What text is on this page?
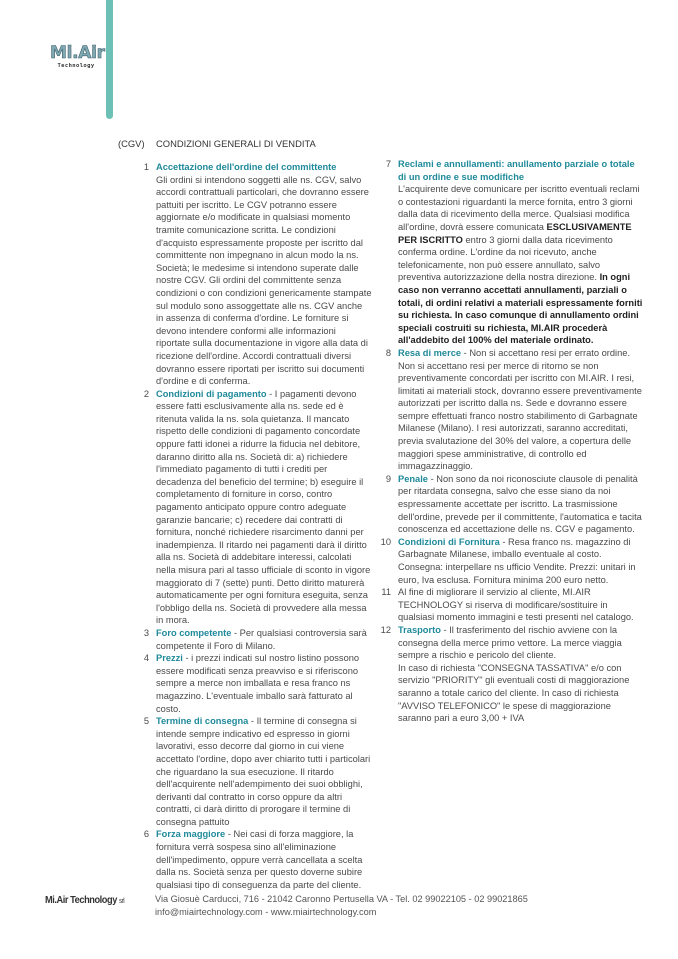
Mi.Air
Technology
(CGV) CONDIZIONI GENERALI DI VENDITA
1 Accettazione dell'ordine del committente
Gli ordini si intendono soggetti alle ns. CGV, salvo accordi contrattuali particolari, che dovranno essere pattuiti per iscritto. Le CGV potranno essere aggiornate e/o modificate in qualsiasi momento tramite comunicazione scritta. Le condizioni d'acquisto espressamente proposte per iscritto dal committente non impegnano in alcun modo la ns. Società; le medesime si intendono superate dalle nostre CGV. Gli ordini del committente senza condizioni o con condizioni genericamente stampate sul modulo sono assoggettate alle ns. CGV anche in assenza di conferma d'ordine. Le forniture si devono intendere conformi alle informazioni riportate sulla documentazione in vigore alla data di ricezione dell'ordine. Accordi contrattuali diversi dovranno essere riportati per iscritto sui documenti d'ordine e di conferma.
2 Condizioni di pagamento - I pagamenti devono essere fatti esclusivamente alla ns. sede ed è ritenuta valida la ns. sola quietanza. Il mancato rispetto delle condizioni di pagamento concordate oppure fatti idonei a ridurre la fiducia nel debitore, daranno diritto alla ns. Società di: a) richiedere l'immediato pagamento di tutti i crediti per decadenza del beneficio del termine; b) eseguire il completamento di forniture in corso, contro pagamento anticipato oppure contro adeguate garanzie bancarie; c) recedere dai contratti di fornitura, nonché richiedere risarcimento danni per inadempienza. Il ritardo nei pagamenti darà il diritto alla ns. Società di addebitare interessi, calcolati nella misura pari al tasso ufficiale di sconto in vigore maggiorato di 7 (sette) punti. Detto diritto maturerà automaticamente per ogni fornitura eseguita, senza l'obbligo della ns. Società di provvedere alla messa in mora.
3 Foro competente - Per qualsiasi controversia sarà competente il Foro di Milano.
4 Prezzi - i prezzi indicati sul nostro listino possono essere modificati senza preavviso e si riferiscono sempre a merce non imballata e resa franco ns magazzino. L'eventuale imballo sarà fatturato al costo.
5 Termine di consegna - Il termine di consegna si intende sempre indicativo ed espresso in giorni lavorativi, esso decorre dal giorno in cui viene accettato l'ordine, dopo aver chiarito tutti i particolari che riguardano la sua esecuzione. Il ritardo dell'acquirente nell'adempimento dei suoi obblighi, derivanti dal contratto in corso oppure da altri contratti, ci darà diritto di prorogare il termine di consegna pattuito
6 Forza maggiore - Nei casi di forza maggiore, la fornitura verrà sospesa sino all'eliminazione dell'impedimento, oppure verrà cancellata a scelta dalla ns. Società senza per questo doverne subire qualsiasi tipo di conseguenza da parte del cliente.
7 Reclami e annullamenti: anullamento parziale o totale di un ordine e sue modifiche
L'acquirente deve comunicare per iscritto eventuali reclami o contestazioni riguardanti la merce fornita, entro 3 giorni dalla data di ricevimento della merce. Qualsiasi modifica all'ordine, dovrà essere comunicata ESCLUSIVAMENTE PER ISCRITTO entro 3 giorni dalla data ricevimento conferma ordine. L'ordine da noi ricevuto, anche telefonicamente, non può essere annullato, salvo preventiva autorizzazione della nostra direzione. In ogni caso non verranno accettati annullamenti, parziali o totali, di ordini relativi a materiali espressamente forniti su richiesta. In caso comunque di annullamento ordini speciali costruiti su richiesta, MI.AIR procederà all'addebito del 100% del materiale ordinato.
8 Resa di merce - Non si accettano resi per errato ordine. Non si accettano resi per merce di ritorno se non preventivamente concordati per iscritto con MI.AIR. I resi, limitati ai materiali stock, dovranno essere preventivamente autorizzati per iscritto dalla ns. Sede e dovranno essere sempre effettuati franco nostro stabilimento di Garbagnate Milanese (Milano). I resi autorizzati, saranno accreditati, previa svalutazione del 30% del valore, a copertura delle maggiori spese amministrative, di controllo ed immagazzinaggio.
9 Penale - Non sono da noi riconosciute clausole di penalità per ritardata consegna, salvo che esse siano da noi espressamente accettate per iscritto. La trasmissione dell'ordine, prevede per il committente, l'automatica e tacita conoscenza ed accettazione delle ns. CGV e pagamento.
10 Condizioni di Fornitura - Resa franco ns. magazzino di Garbagnate Milanese, imballo eventuale al costo. Consegna: interpellare ns ufficio Vendite. Prezzi: unitari in euro, Iva esclusa. Fornitura minima 200 euro netto.
11 Al fine di migliorare il servizio al cliente, MI.AIR TECHNOLOGY si riserva di modificare/sostituire in qualsiasi momento immagini e testi presenti nel catalogo.
12 Trasporto - Il trasferimento del rischio avviene con la consegna della merce primo vettore. La merce viaggia sempre a rischio e pericolo del cliente.
In caso di richiesta "CONSEGNA TASSATIVA" e/o con servizio "PRIORITY" gli eventuali costi di maggiorazione saranno a totale carico del cliente. In caso di richiesta "AVVISO TELEFONICO" le spese di maggiorazione saranno pari a euro 3,00 + IVA
Mi.Air Technology srl	Via Giosuè Carducci, 716 - 21042 Caronno Pertusella VA - Tel. 02 99022105 - 02 99021865
info@miairtechnology.com - www.miairtechnology.com
